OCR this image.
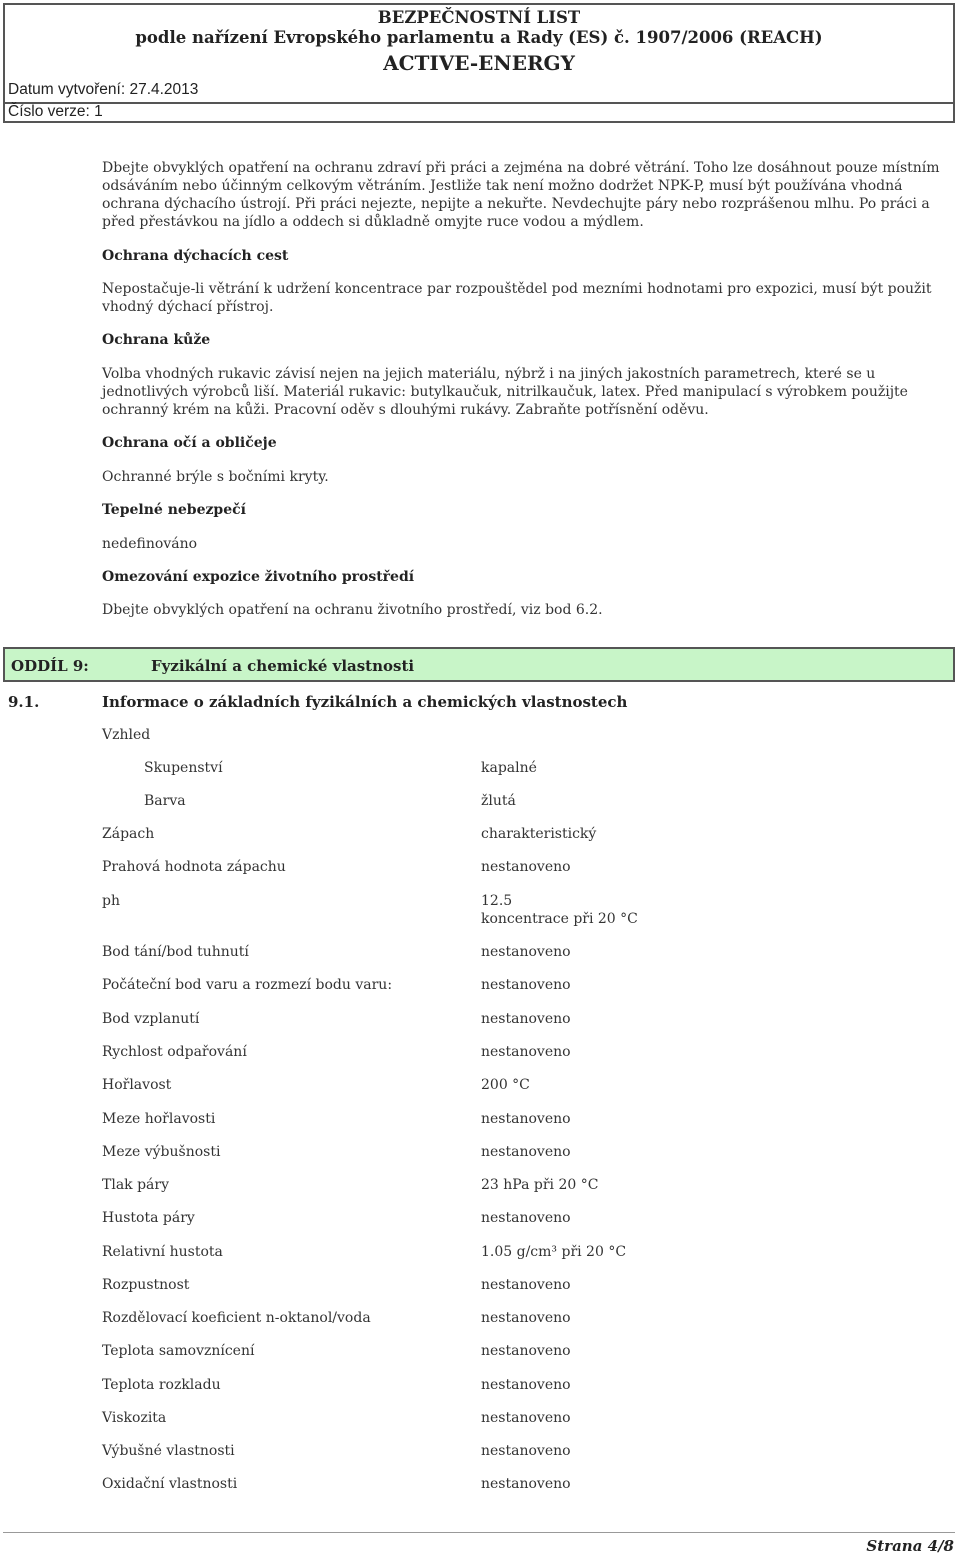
BEZPEČNOSTNÍ LIST
podle nařízení Evropského parlamentu a Rady (ES) č. 1907/2006 (REACH)
ACTIVE-ENERGY
Datum vytvoření: 27.4.2013
Číslo verze: 1
Dbejte obvyklých opatření na ochranu zdraví při práci a zejména na dobré větrání. Toho lze dosáhnout pouze místním odsáváním nebo účinným celkovým větráním. Jestliže tak není možno dodržet NPK-P, musí být používána vhodná ochrana dýchacího ústrojí. Při práci nejezte, nepijte a nekuřte. Nevdechujte páry nebo rozprášenou mlhu. Po práci a před přestávkou na jídlo a oddech si důkladně omyjte ruce vodou a mýdlem.
Ochrana dýchacích cest
Nepostačuje-li větrání k udržení koncentrace par rozpouštědel pod mezními hodnotami pro expozici, musí být použit vhodný dýchací přístroj.
Ochrana kůže
Volba vhodných rukavic závisí nejen na jejich materiálu, nýbrž i na jiných jakostních parametrech, které se u jednotlivých výrobců liší. Materiál rukavic: butylkaučuk, nitrilkaučuk, latex. Před manipulací s výrobkem použijte ochranný krém na kůži. Pracovní oděv s dlouhými rukávy. Zabraňte potřísnění oděvu.
Ochrana očí a obličeje
Ochranné brýle s bočními kryty.
Tepelné nebezpečí
nedefinováno
Omezování expozice životního prostředí
Dbejte obvyklých opatření na ochranu životního prostředí, viz bod 6.2.
ODDÍL 9:	Fyzikální a chemické vlastnosti
9.1.	Informace o základních fyzikálních a chemických vlastnostech
Vzhled
Skupenství	kapalné
Barva	žlutá
Zápach	charakteristický
Prahová hodnota zápachu	nestanoveno
ph	12.5
koncentrace při 20 °C
Bod tání/bod tuhnutí	nestanoveno
Počáteční bod varu a rozmezí bodu varu:	nestanoveno
Bod vzplanutí	nestanoveno
Rychlost odpařování	nestanoveno
Hořlavost	200 °C
Meze hořlavosti	nestanoveno
Meze výbušnosti	nestanoveno
Tlak páry	23 hPa při 20 °C
Hustota páry	nestanoveno
Relativní hustota	1.05 g/cm³ při 20 °C
Rozpustnost	nestanoveno
Rozdělovací koeficient n-oktanol/voda	nestanoveno
Teplota samovznícení	nestanoveno
Teplota rozkladu	nestanoveno
Viskozita	nestanoveno
Výbušné vlastnosti	nestanoveno
Oxidační vlastnosti	nestanoveno
Strana 4/8
